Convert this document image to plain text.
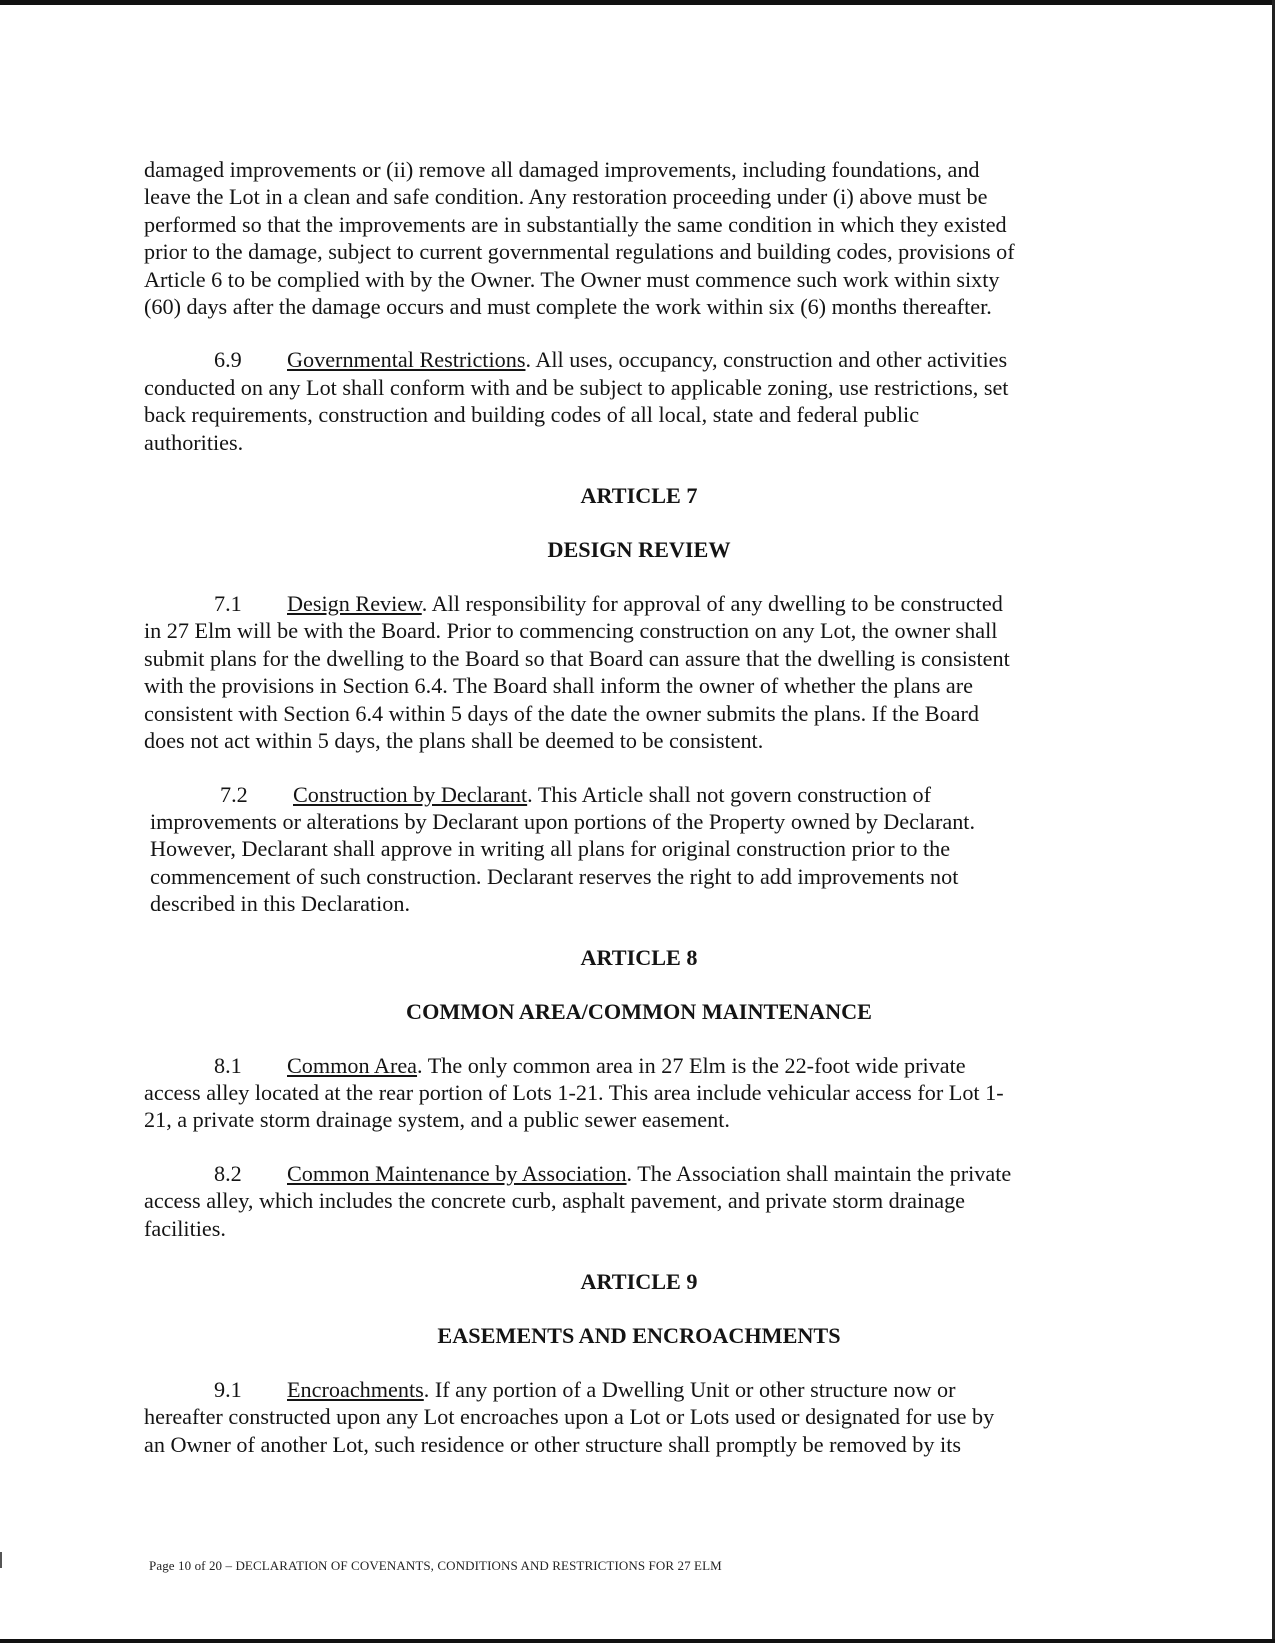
damaged improvements or (ii) remove all damaged improvements, including foundations, and
leave the Lot in a clean and safe condition. Any restoration proceeding under (i) above must be
performed so that the improvements are in substantially the same condition in which they existed
prior to the damage, subject to current governmental regulations and building codes, provisions of
Article 6 to be complied with by the Owner. The Owner must commence such work within sixty
(60) days after the damage occurs and must complete the work within six (6) months thereafter.
6.9 Governmental Restrictions. All uses, occupancy, construction and other activities
conducted on any Lot shall conform with and be subject to applicable zoning, use restrictions, set
back requirements, construction and building codes of all local, state and federal public
authorities.
ARTICLE 7
DESIGN REVIEW
7.1 Design Review. All responsibility for approval of any dwelling to be constructed
in 27 Elm will be with the Board. Prior to commencing construction on any Lot, the owner shall
submit plans for the dwelling to the Board so that Board can assure that the dwelling is consistent
with the provisions in Section 6.4. The Board shall inform the owner of whether the plans are
consistent with Section 6.4 within 5 days of the date the owner submits the plans. If the Board
does not act within 5 days, the plans shall be deemed to be consistent.
7.2 Construction by Declarant. This Article shall not govern construction of
improvements or alterations by Declarant upon portions of the Property owned by Declarant.
However, Declarant shall approve in writing all plans for original construction prior to the
commencement of such construction. Declarant reserves the right to add improvements not
described in this Declaration.
ARTICLE 8
COMMON AREA/COMMON MAINTENANCE
8.1 Common Area. The only common area in 27 Elm is the 22-foot wide private
access alley located at the rear portion of Lots 1-21. This area include vehicular access for Lot 1-
21, a private storm drainage system, and a public sewer easement.
8.2 Common Maintenance by Association. The Association shall maintain the private
access alley, which includes the concrete curb, asphalt pavement, and private storm drainage
facilities.
ARTICLE 9
EASEMENTS AND ENCROACHMENTS
9.1 Encroachments. If any portion of a Dwelling Unit or other structure now or
hereafter constructed upon any Lot encroaches upon a Lot or Lots used or designated for use by
an Owner of another Lot, such residence or other structure shall promptly be removed by its
Page 10 of 20 – DECLARATION OF COVENANTS, CONDITIONS AND RESTRICTIONS FOR 27 ELM
